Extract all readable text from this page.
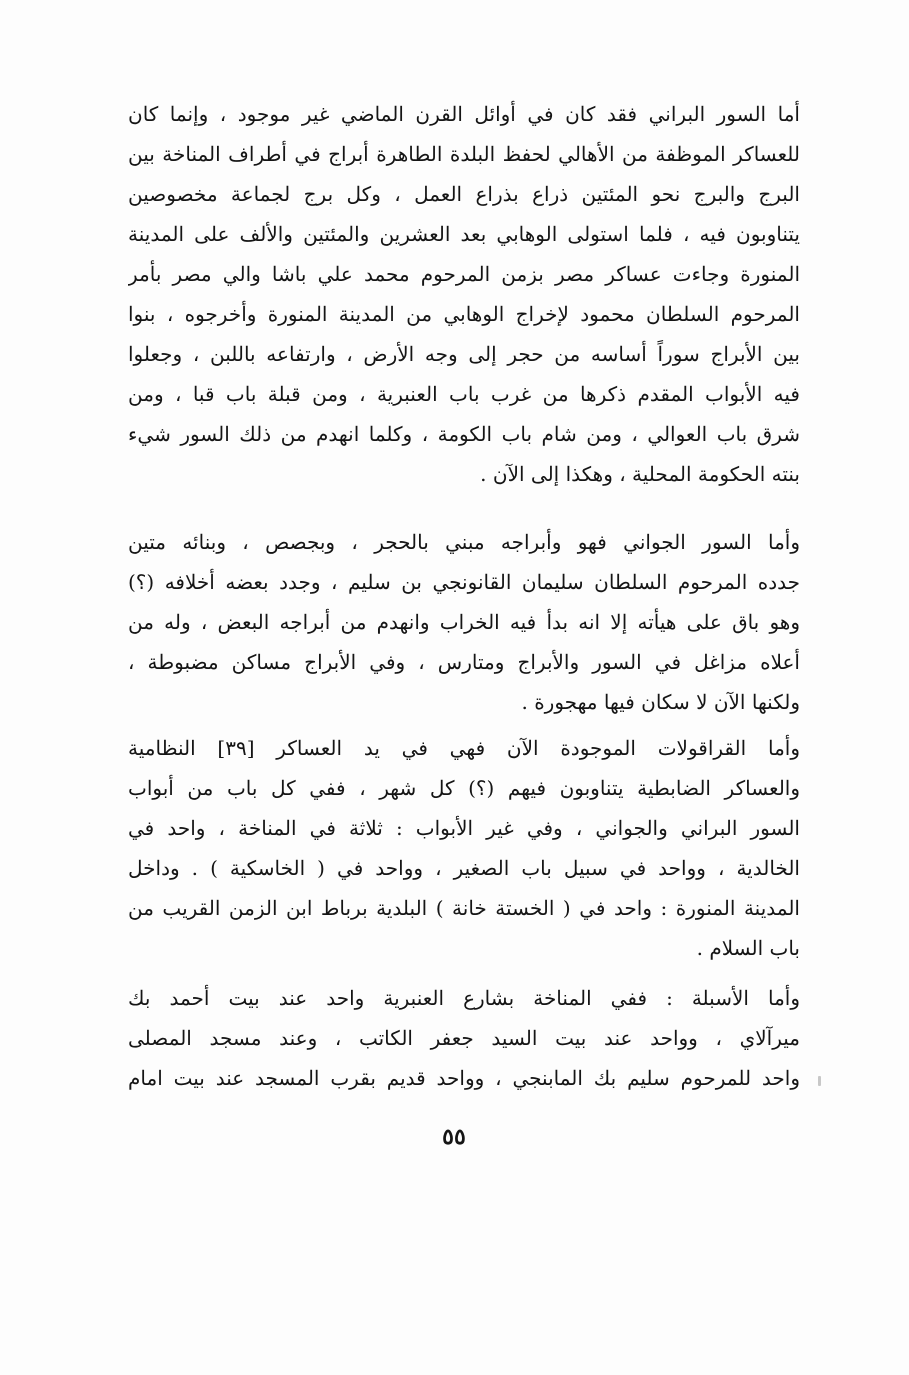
أما السور البراني فقد كان في أوائل القرن الماضي غير موجود ، وإنما كان
للعساكر الموظفة من الأهالي لحفظ البلدة الطاهرة أبراج في أطراف المناخة بين
البرج والبرج نحو المئتين ذراع بذراع العمل ، وكل برج لجماعة مخصوصين
يتناوبون فيه ، فلما استولى الوهابي بعد العشرين والمئتين والألف على المدينة
المنورة وجاءت عساكر مصر بزمن المرحوم محمد علي باشا والي مصر بأمر
المرحوم السلطان محمود لإخراج الوهابي من المدينة المنورة وأخرجوه ، بنوا
بين الأبراج سوراً أساسه من حجر إلى وجه الأرض ، وارتفاعه باللبن ، وجعلوا
فيه الأبواب المقدم ذكرها من غرب باب العنبرية ، ومن قبلة باب قبا ، ومن
شرق باب العوالي ، ومن شام باب الكومة ، وكلما انهدم من ذلك السور شيء
بنته الحكومة المحلية ، وهكذا إلى الآن .
وأما السور الجواني فهو وأبراجه مبني بالحجر ، وبجصص ، وبنائه متين
جدده المرحوم السلطان سليمان القانونجي بن سليم ، وجدد بعضه أخلافه (؟)
وهو باق على هيأته إلا انه بدأ فيه الخراب وانهدم من أبراجه البعض ، وله من
أعلاه مزاغل في السور والأبراج ومتارس ، وفي الأبراج مساكن مضبوطة ،
ولكنها الآن لا سكان فيها مهجورة .
وأما القراقولات الموجودة الآن فهي في يد العساكر [٣٩] النظامية
والعساكر الضابطية يتناوبون فيهم (؟) كل شهر ، ففي كل باب من أبواب
السور البراني والجواني ، وفي غير الأبواب : ثلاثة في المناخة ، واحد في
الخالدية ، وواحد في سبيل باب الصغير ، وواحد في ( الخاسكية ) . وداخل
المدينة المنورة : واحد في ( الخستة خانة ) البلدية برباط ابن الزمن القريب من
باب السلام .
وأما الأسبلة : ففي المناخة بشارع العنبرية واحد عند بيت أحمد بك
ميرآلاي ، وواحد عند بيت السيد جعفر الكاتب ، وعند مسجد المصلى
واحد للمرحوم سليم بك المابنجي ، وواحد قديم بقرب المسجد عند بيت امام
٥٥
